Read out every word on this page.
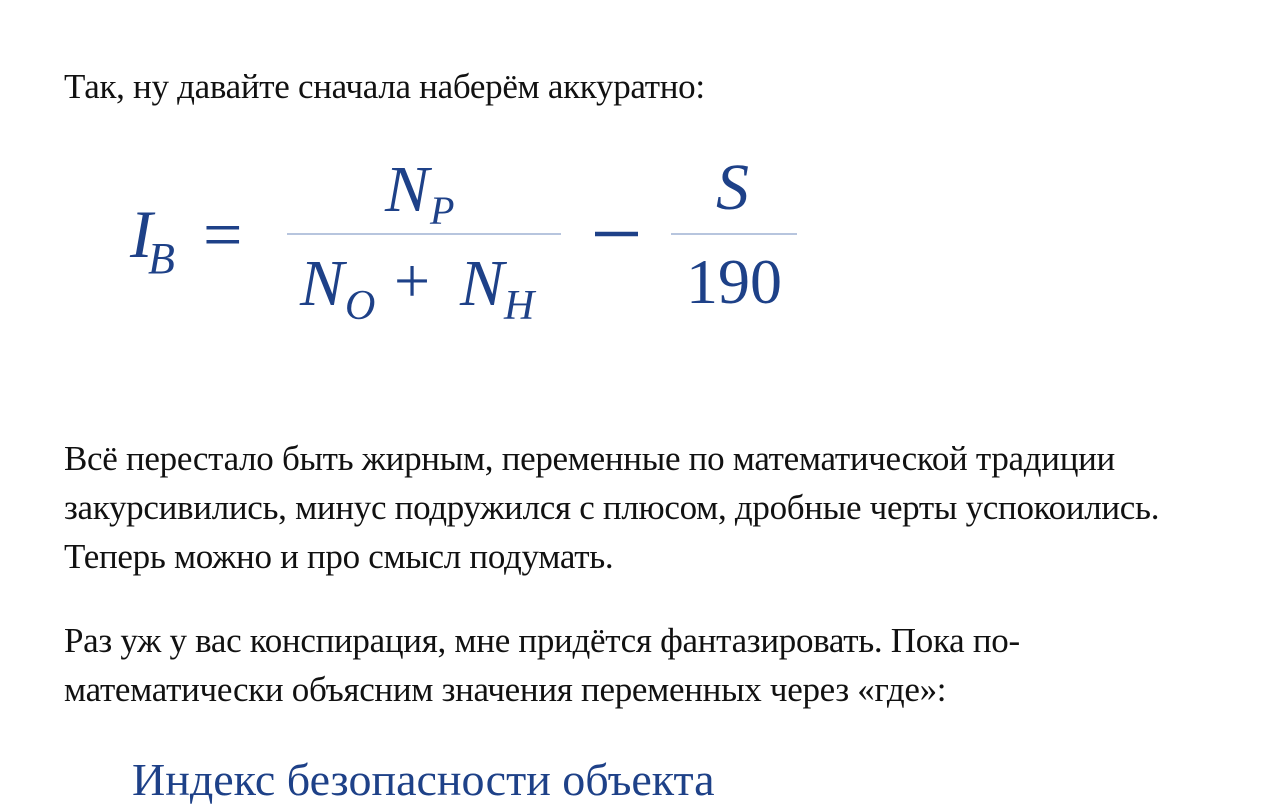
Так, ну давайте сначала наберём аккуратно:

I
B =
N P
N O + N H
S
190

Всё перестало быть жирным, переменные по математической традиции закурсивились, минус подружился с плюсом, дробные черты успокоились. Теперь можно и про смысл подумать.

Раз уж у вас конспирация, мне придётся фантазировать. Пока по-математически объясним значения переменных через «где»:

Индекс безопасности объекта
